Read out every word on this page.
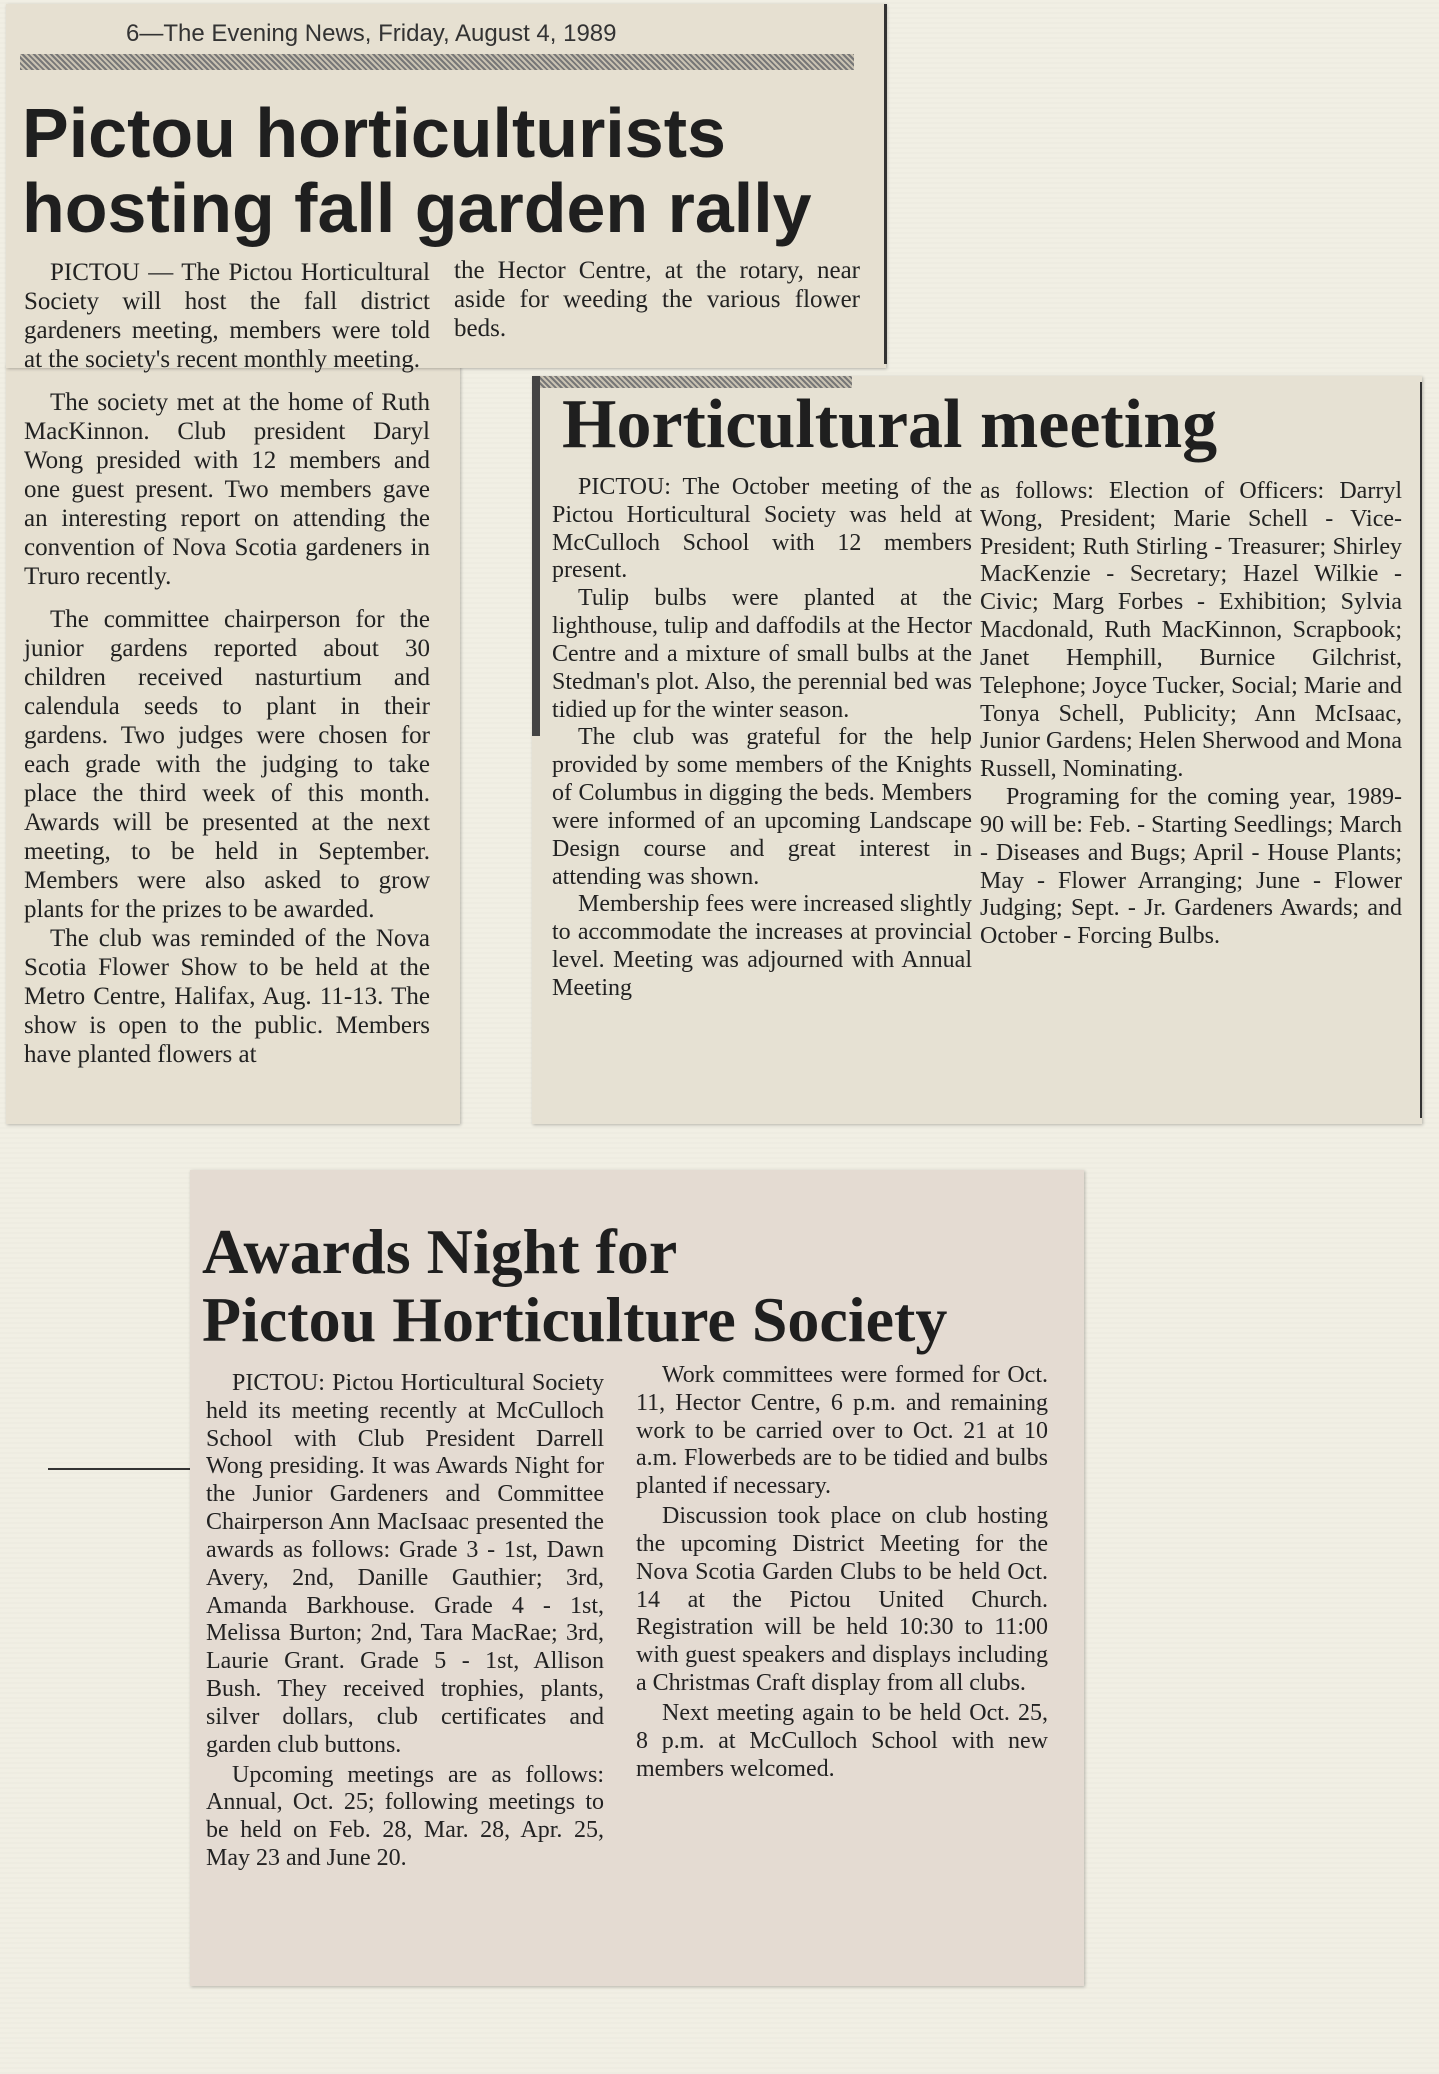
6—The Evening News, Friday, August 4, 1989
Pictou horticulturists
hosting fall garden rally

the Hector Centre, at the rotary, near aside for weeding the various flower beds.

PICTOU — The Pictou Horticultural Society will host the fall district gardeners meeting, members were told at the society's recent monthly meeting.

The society met at the home of Ruth MacKinnon. Club president Daryl Wong presided with 12 members and one guest present. Two members gave an interesting report on attending the convention of Nova Scotia gardeners in Truro recently.

The committee chairperson for the junior gardens reported about 30 children received nasturtium and calendula seeds to plant in their gardens. Two judges were chosen for each grade with the judging to take place the third week of this month. Awards will be presented at the next meeting, to be held in September. Members were also asked to grow plants for the prizes to be awarded.

The club was reminded of the Nova Scotia Flower Show to be held at the Metro Centre, Halifax, Aug. 11-13. The show is open to the public. Members have planted flowers at

Horticultural meeting

PICTOU: The October meeting of the Pictou Horticultural Society was held at McCulloch School with 12 members present.

Tulip bulbs were planted at the lighthouse, tulip and daffodils at the Hector Centre and a mixture of small bulbs at the Stedman's plot. Also, the perennial bed was tidied up for the winter season.

The club was grateful for the help provided by some members of the Knights of Columbus in digging the beds. Members were informed of an upcoming Landscape Design course and great interest in attending was shown.

Membership fees were increased slightly to accommodate the increases at provincial level. Meeting was adjourned with Annual Meeting

as follows: Election of Officers: Darryl Wong, President; Marie Schell - Vice-President; Ruth Stirling - Treasurer; Shirley MacKenzie - Secretary; Hazel Wilkie - Civic; Marg Forbes - Exhibition; Sylvia Macdonald, Ruth MacKinnon, Scrapbook; Janet Hemphill, Burnice Gilchrist, Telephone; Joyce Tucker, Social; Marie and Tonya Schell, Publicity; Ann McIsaac, Junior Gardens; Helen Sherwood and Mona Russell, Nominating.

Programing for the coming year, 1989-90 will be: Feb. - Starting Seedlings; March - Diseases and Bugs; April - House Plants; May - Flower Arranging; June - Flower Judging; Sept. - Jr. Gardeners Awards; and October - Forcing Bulbs.

Awards Night for
Pictou Horticulture Society

PICTOU: Pictou Horticultural Society held its meeting recently at McCulloch School with Club President Darrell Wong presiding. It was Awards Night for the Junior Gardeners and Committee Chairperson Ann MacIsaac presented the awards as follows: Grade 3 - 1st, Dawn Avery, 2nd, Danille Gauthier; 3rd, Amanda Barkhouse. Grade 4 - 1st, Melissa Burton; 2nd, Tara MacRae; 3rd, Laurie Grant. Grade 5 - 1st, Allison Bush. They received trophies, plants, silver dollars, club certificates and garden club buttons.

Upcoming meetings are as follows: Annual, Oct. 25; following meetings to be held on Feb. 28, Mar. 28, Apr. 25, May 23 and June 20.

Work committees were formed for Oct. 11, Hector Centre, 6 p.m. and remaining work to be carried over to Oct. 21 at 10 a.m. Flowerbeds are to be tidied and bulbs planted if necessary.

Discussion took place on club hosting the upcoming District Meeting for the Nova Scotia Garden Clubs to be held Oct. 14 at the Pictou United Church. Registration will be held 10:30 to 11:00 with guest speakers and displays including a Christmas Craft display from all clubs.

Next meeting again to be held Oct. 25, 8 p.m. at McCulloch School with new members welcomed.
